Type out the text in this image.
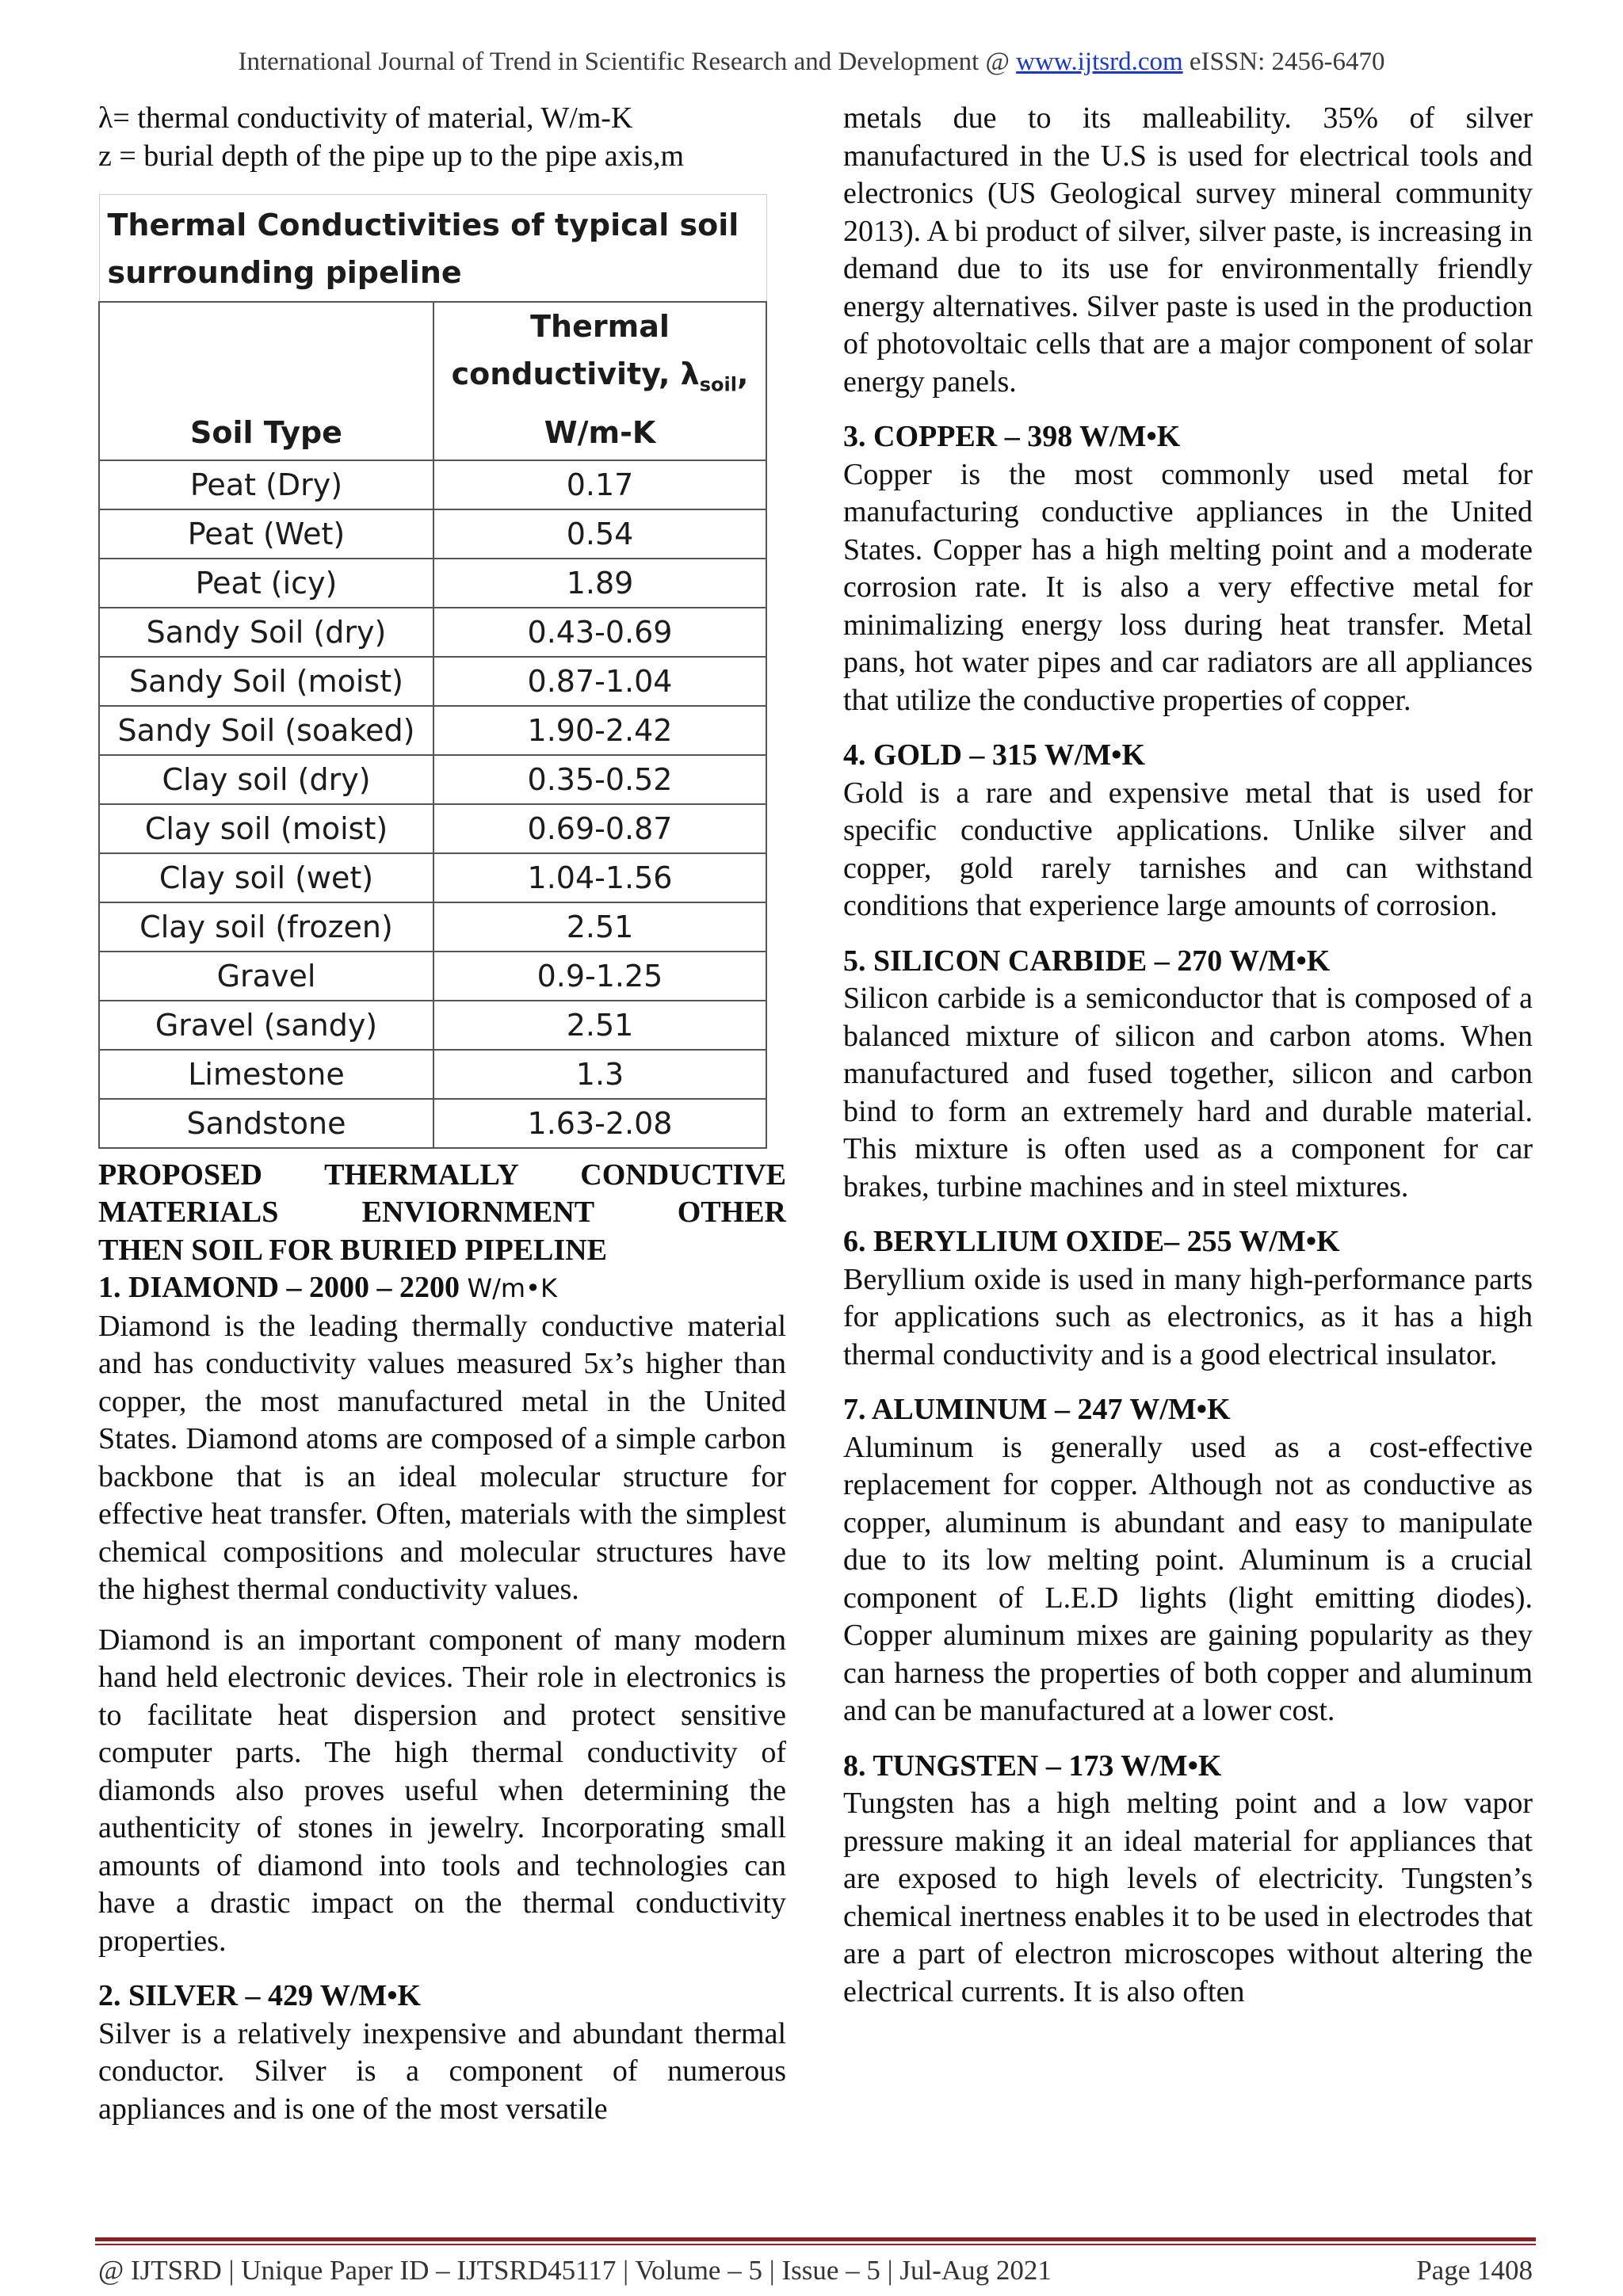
International Journal of Trend in Scientific Research and Development @ www.ijtsrd.com eISSN: 2456-6470

λ= thermal conductivity of material, W/m-K

z = burial depth of the pipe up to the pipe axis,m

Thermal Conductivities of typical soil
surrounding pipeline	
Soil Type	Thermal
conductivity, $\lambda_{soil}$,
W/m-K
Peat (Dry)	0.17
Peat (Wet)	0.54
Peat (icy)	1.89
Sandy Soil (dry)	0.43-0.69
Sandy Soil (moist)	0.87-1.04
Sandy Soil (soaked)	1.90-2.42
Clay soil (dry)	0.35-0.52
Clay soil (moist)	0.69-0.87
Clay soil (wet)	1.04-1.56
Clay soil (frozen)	2.51
Gravel	0.9-1.25
Gravel (sandy)	2.51
Limestone	1.3
Sandstone	1.63-2.08
PROPOSED THERMALLY CONDUCTIVE
MATERIALS ENVIORNMENT OTHER
THEN SOIL FOR BURIED PIPELINE
1. DIAMOND – 2000 – 2200 W/m•K

Diamond is the leading thermally conductive material and has conductivity values measured 5x’s higher than copper, the most manufactured metal in the United States. Diamond atoms are composed of a simple carbon backbone that is an ideal molecular structure for effective heat transfer. Often, materials with the simplest chemical compositions and molecular structures have the highest thermal conductivity values.

Diamond is an important component of many modern hand held electronic devices. Their role in electronics is to facilitate heat dispersion and protect sensitive computer parts. The high thermal conductivity of diamonds also proves useful when determining the authenticity of stones in jewelry. Incorporating small amounts of diamond into tools and technologies can have a drastic impact on the thermal conductivity properties.

2. SILVER – 429 W/M•K

Silver is a relatively inexpensive and abundant thermal conductor. Silver is a component of numerous appliances and is one of the most versatile

metals due to its malleability. 35% of silver manufactured in the U.S is used for electrical tools and electronics (US Geological survey mineral community 2013). A bi product of silver, silver paste, is increasing in demand due to its use for environmentally friendly energy alternatives. Silver paste is used in the production of photovoltaic cells that are a major component of solar energy panels.

3. COPPER – 398 W/M•K

Copper is the most commonly used metal for manufacturing conductive appliances in the United States. Copper has a high melting point and a moderate corrosion rate. It is also a very effective metal for minimalizing energy loss during heat transfer. Metal pans, hot water pipes and car radiators are all appliances that utilize the conductive properties of copper.

4. GOLD – 315 W/M•K

Gold is a rare and expensive metal that is used for specific conductive applications. Unlike silver and copper, gold rarely tarnishes and can withstand conditions that experience large amounts of corrosion.

5. SILICON CARBIDE – 270 W/M•K

Silicon carbide is a semiconductor that is composed of a balanced mixture of silicon and carbon atoms. When manufactured and fused together, silicon and carbon bind to form an extremely hard and durable material. This mixture is often used as a component for car brakes, turbine machines and in steel mixtures.

6. BERYLLIUM OXIDE– 255 W/M•K

Beryllium oxide is used in many high-performance parts for applications such as electronics, as it has a high thermal conductivity and is a good electrical insulator.

7. ALUMINUM – 247 W/M•K

Aluminum is generally used as a cost-effective replacement for copper. Although not as conductive as copper, aluminum is abundant and easy to manipulate due to its low melting point. Aluminum is a crucial component of L.E.D lights (light emitting diodes). Copper aluminum mixes are gaining popularity as they can harness the properties of both copper and aluminum and can be manufactured at a lower cost.

8. TUNGSTEN – 173 W/M•K

Tungsten has a high melting point and a low vapor pressure making it an ideal material for appliances that are exposed to high levels of electricity. Tungsten’s chemical inertness enables it to be used in electrodes that are a part of electron microscopes without altering the electrical currents. It is also often

@ IJTSRD | Unique Paper ID – IJTSRD45117 | Volume – 5 | Issue – 5 | Jul-Aug 2021	Page 1408
